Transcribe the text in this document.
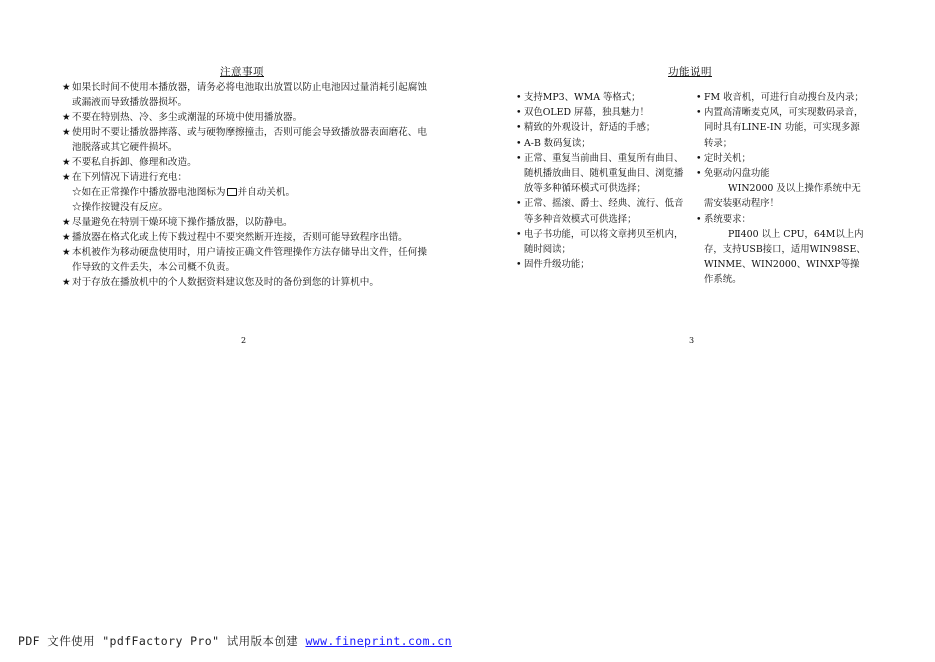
注意事项
★ 如果长时间不使用本播放器，请务必将电池取出放置以防止电池因过量消耗引起腐蚀或漏液而导致播放器损坏。
★ 不要在特别热、冷、多尘或潮湿的环境中使用播放器。
★ 使用时不要让播放器摔落、或与硬物摩擦撞击，否则可能会导致播放器表面磨花、电池脱落或其它硬件损坏。
★ 不要私自拆卸、修理和改造。
★ 在下列情况下请进行充电：
☆如在正常操作中播放器电池图标为 并自动关机。
☆操作按键没有反应。
★ 尽量避免在特别干燥环境下操作播放器，以防静电。
★ 播放器在格式化或上传下载过程中不要突然断开连接，否则可能导致程序出错。
★ 本机被作为移动硬盘使用时，用户请按正确文件管理操作方法存储导出文件，任何操作导致的文件丢失，本公司概不负责。
★ 对于存放在播放机中的个人数据资料建议您及时的备份到您的计算机中。
2
功能说明
• 支持MP3、WMA 等格式；
• 双色OLED 屏幕，独具魅力！
• 精致的外观设计，舒适的手感；
• A-B 数码复读；
• 正常、重复当前曲目、重复所有曲目、随机播放曲目、随机重复曲目、浏览播放等多种循环模式可供选择；
• 正常、摇滚、爵士、经典、流行、低音等多种音效模式可供选择；
• 电子书功能，可以将文章拷贝至机内，随时阅读；
• 固件升级功能；
• FM 收音机，可进行自动搜台及内录；
• 内置高清晰麦克风，可实现数码录音，同时具有LINE-IN 功能，可实现多源转录；
• 定时关机；
• 免驱动闪盘功能
WIN2000 及以上操作系统中无需安装驱动程序！
• 系统要求：
PⅡ400 以上 CPU，64M以上内存，支持USB接口，适用WIN98SE、WINME、WIN2000、WINXP等操作系统。
3
PDF 文件使用 "pdfFactory Pro" 试用版本创建 www.fineprint.com.cn
